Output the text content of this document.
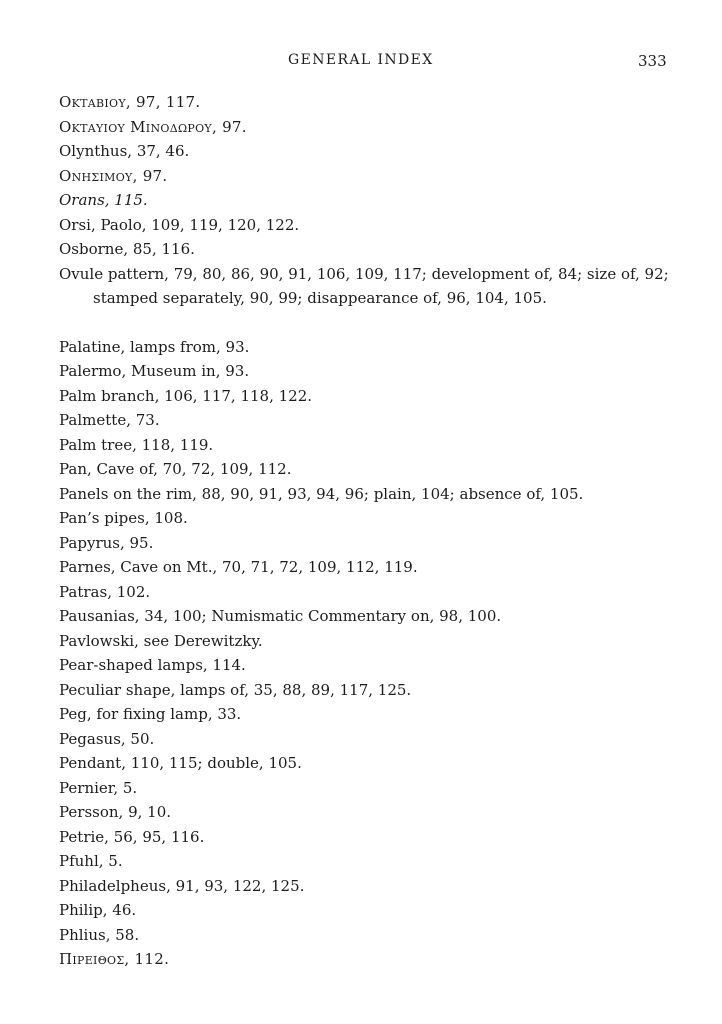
GENERAL INDEX	333
Οκταβιου, 97, 117.
Οκταυιου Μινοδωρου, 97.
Olynthus, 37, 46.
Ονησιμου, 97.
Orans, 115.
Orsi, Paolo, 109, 119, 120, 122.
Osborne, 85, 116.
Ovule pattern, 79, 80, 86, 90, 91, 106, 109, 117; development of, 84; size of, 92; stamped separately, 90, 99; disappearance of, 96, 104, 105.
Palatine, lamps from, 93.
Palermo, Museum in, 93.
Palm branch, 106, 117, 118, 122.
Palmette, 73.
Palm tree, 118, 119.
Pan, Cave of, 70, 72, 109, 112.
Panels on the rim, 88, 90, 91, 93, 94, 96; plain, 104; absence of, 105.
Pan’s pipes, 108.
Papyrus, 95.
Parnes, Cave on Mt., 70, 71, 72, 109, 112, 119.
Patras, 102.
Pausanias, 34, 100; Numismatic Commentary on, 98, 100.
Pavlowski, see Derewitzky.
Pear-shaped lamps, 114.
Peculiar shape, lamps of, 35, 88, 89, 117, 125.
Peg, for fixing lamp, 33.
Pegasus, 50.
Pendant, 110, 115; double, 105.
Pernier, 5.
Persson, 9, 10.
Petrie, 56, 95, 116.
Pfuhl, 5.
Philadelpheus, 91, 93, 122, 125.
Philip, 46.
Phlius, 58.
Πιρειθοσ, 112.
